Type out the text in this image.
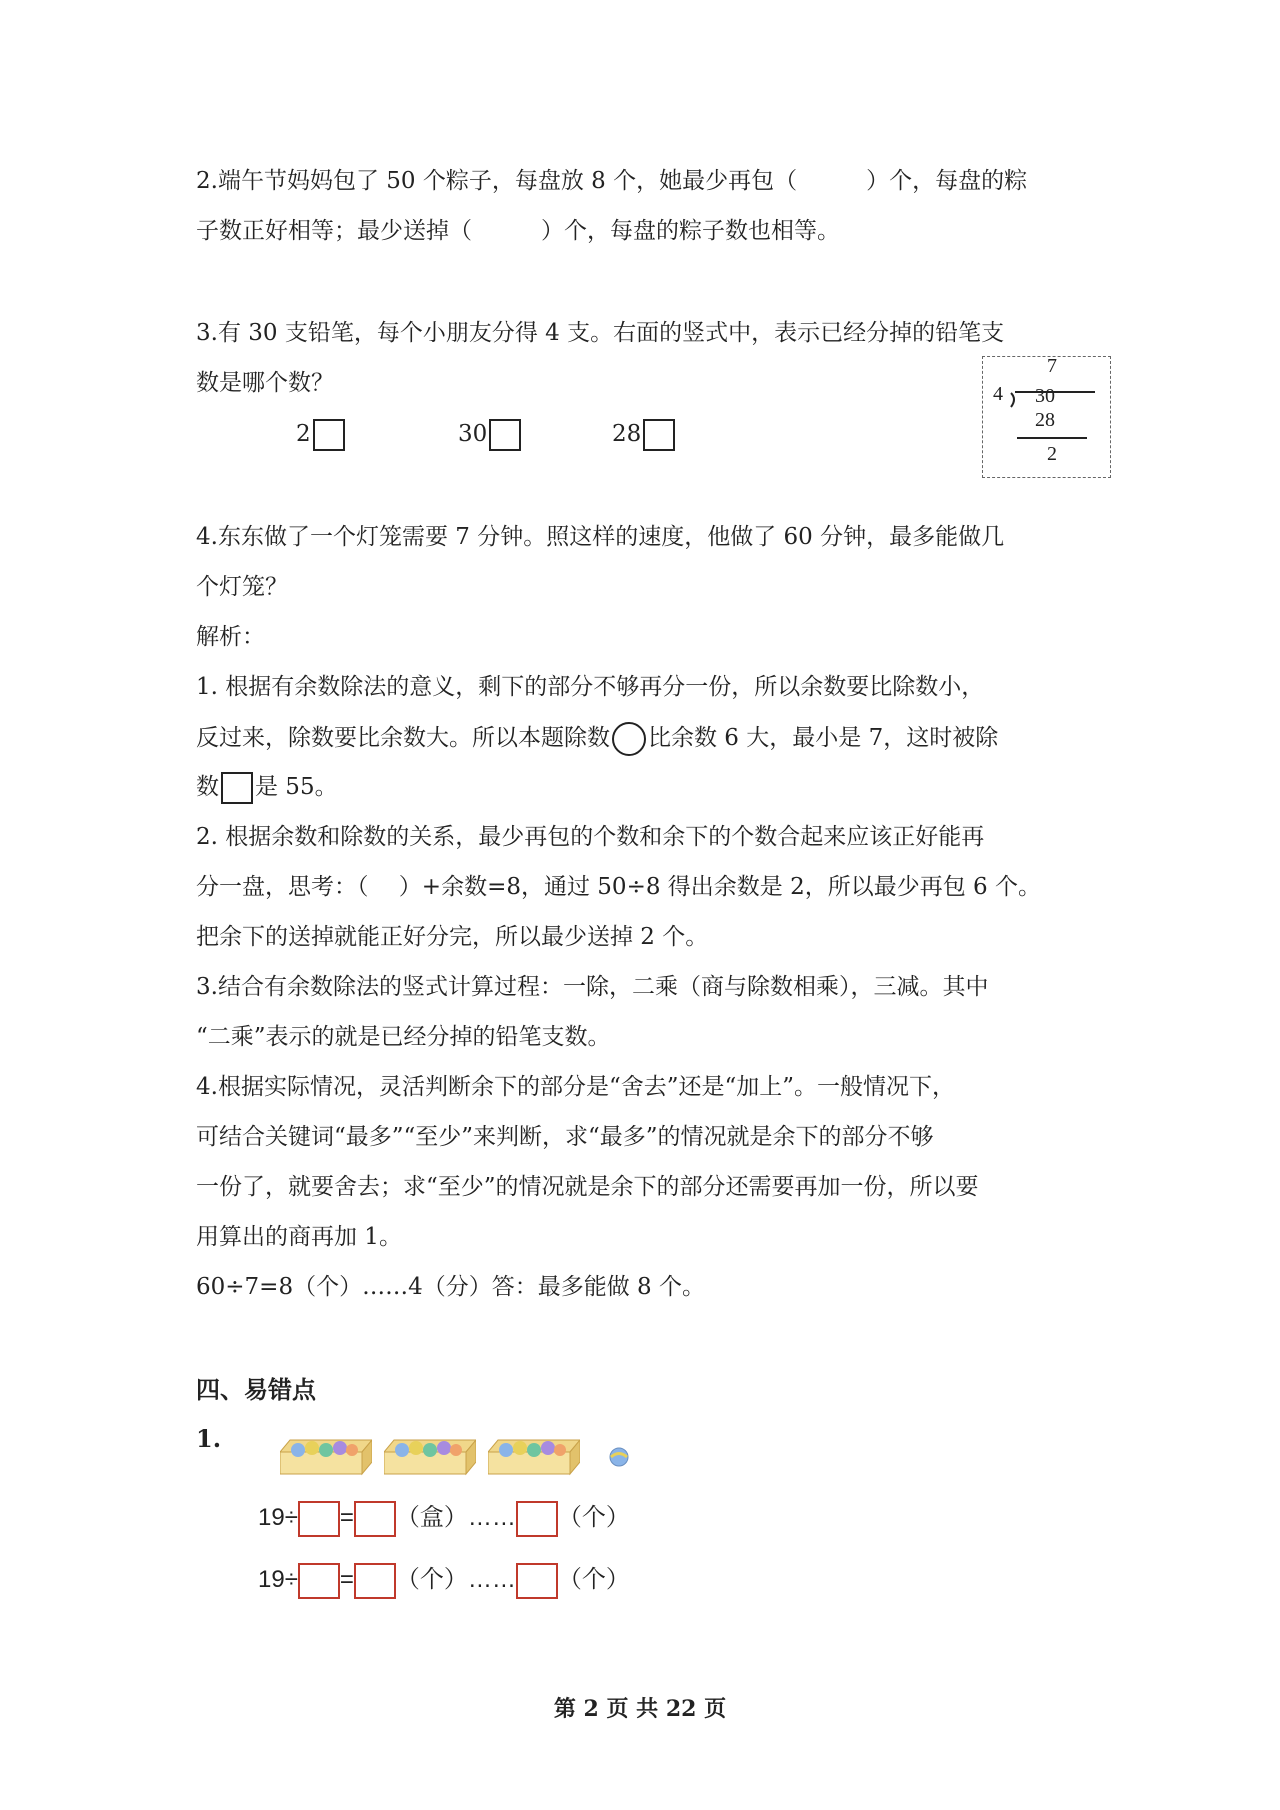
2.端午节妈妈包了 50 个粽子，每盘放 8 个，她最少再包（　　　）个，每盘的粽
子数正好相等；最少送掉（　　　）个，每盘的粽子数也相等。
3.有 30 支铅笔，每个小朋友分得 4 支。右面的竖式中，表示已经分掉的铅笔支
数是哪个数？
2	30	28
7
4 30
28
2
4.东东做了一个灯笼需要 7 分钟。照这样的速度，他做了 60 分钟，最多能做几
个灯笼？
解析：
1. 根据有余数除法的意义，剩下的部分不够再分一份，所以余数要比除数小，
反过来，除数要比余数大。所以本题除数 比余数 6 大，最小是 7，这时被除
数 是 55。
2. 根据余数和除数的关系，最少再包的个数和余下的个数合起来应该正好能再
分一盘，思考：（　 ）+余数=8，通过 50÷8 得出余数是 2，所以最少再包 6 个。
把余下的送掉就能正好分完，所以最少送掉 2 个。
3.结合有余数除法的竖式计算过程：一除，二乘（商与除数相乘），三减。其中
“二乘”表示的就是已经分掉的铅笔支数。
4.根据实际情况，灵活判断余下的部分是“舍去”还是“加上”。一般情况下，
可结合关键词“最多”“至少”来判断，求“最多”的情况就是余下的部分不够
一份了，就要舍去；求“至少”的情况就是余下的部分还需要再加一份，所以要
用算出的商再加 1。
60÷7=8（个）……4（分）答：最多能做 8 个。
四、易错点
1.
19÷ = （盒）…… （个）
19÷ = （个）…… （个）
第 2 页 共 22 页
